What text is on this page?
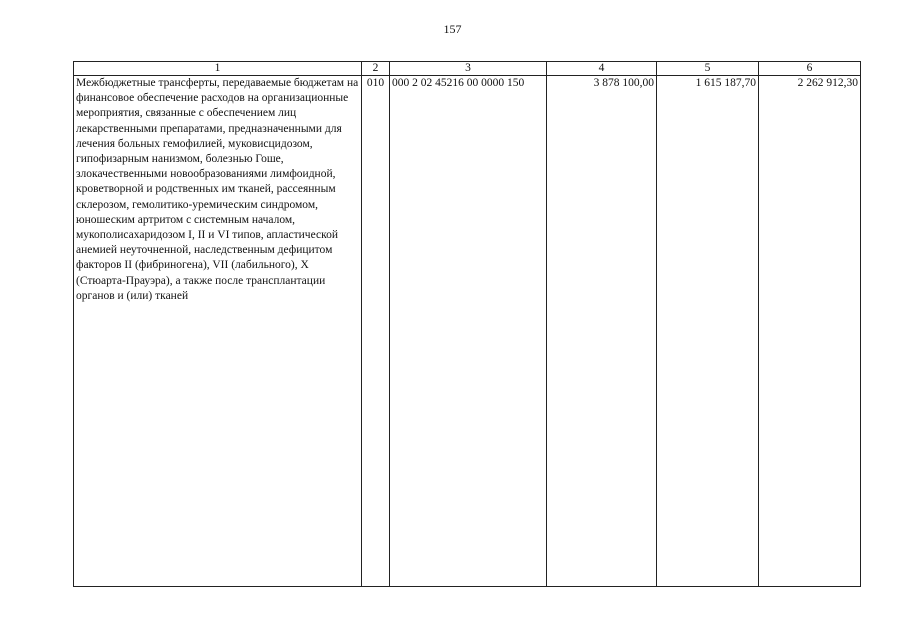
157
1	2	3	4	5	6
Межбюджетные трансферты, передаваемые бюджетам на финансовое обеспечение расходов на организационные мероприятия, связанные с обеспечением лиц лекарственными препаратами, предназначенными для лечения больных гемофилией, муковисцидозом, гипофизарным нанизмом, болезнью Гоше, злокачественными новообразованиями лимфоидной, кроветворной и родственных им тканей, рассеянным склерозом, гемолитико-уремическим синдромом, юношеским артритом с системным началом, мукополисахаридозом I, II и VI типов, апластической анемией неуточненной, наследственным дефицитом факторов II (фибриногена), VII (лабильного), X (Стюарта-Прауэра), а также после трансплантации органов и (или) тканей	010	000 2 02 45216 00 0000 150	3 878 100,00	1 615 187,70	2 262 912,30
